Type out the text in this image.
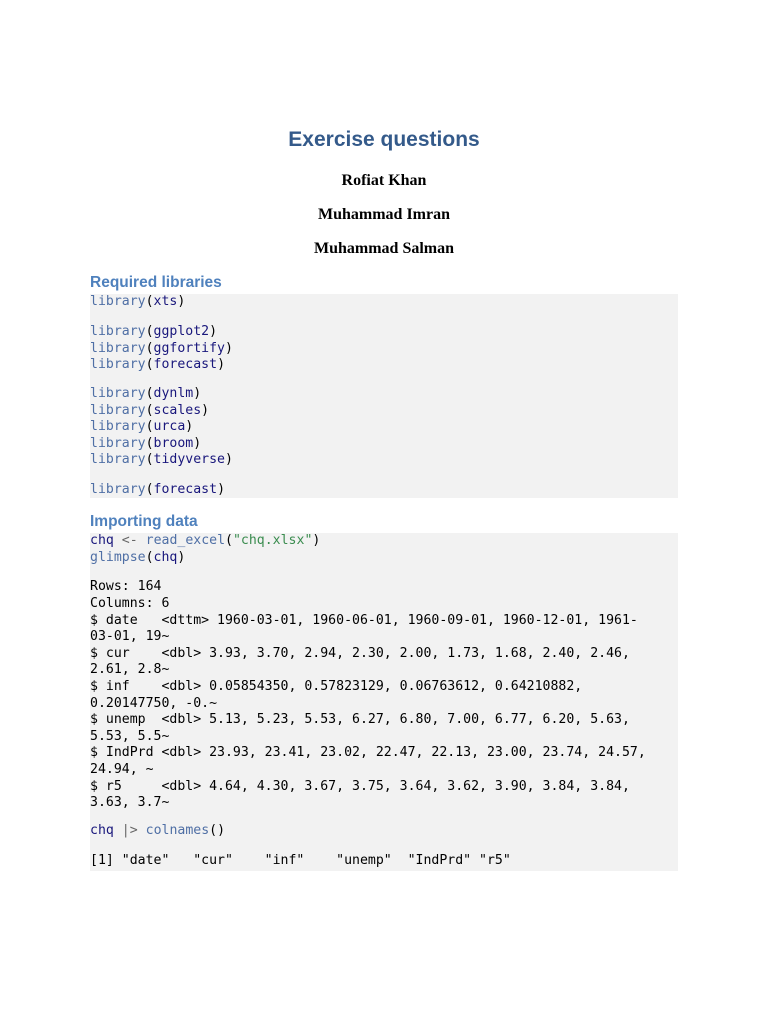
Exercise questions
Rofiat Khan
Muhammad Imran
Muhammad Salman
Required libraries
library(xts)
library(ggplot2)
library(ggfortify)
library(forecast)
library(dynlm)
library(scales)
library(urca)
library(broom)
library(tidyverse)
library(forecast)
Importing data
chq <- read_excel("chq.xlsx")
glimpse(chq)
Rows: 164
Columns: 6
$ date   <dttm> 1960-03-01, 1960-06-01, 1960-09-01, 1960-12-01, 1961-
03-01, 19~
$ cur    <dbl> 3.93, 3.70, 2.94, 2.30, 2.00, 1.73, 1.68, 2.40, 2.46,
2.61, 2.8~
$ inf    <dbl> 0.05854350, 0.57823129, 0.06763612, 0.64210882,
0.20147750, -0.~
$ unemp  <dbl> 5.13, 5.23, 5.53, 6.27, 6.80, 7.00, 6.77, 6.20, 5.63,
5.53, 5.5~
$ IndPrd <dbl> 23.93, 23.41, 23.02, 22.47, 22.13, 23.00, 23.74, 24.57,
24.94, ~
$ r5     <dbl> 4.64, 4.30, 3.67, 3.75, 3.64, 3.62, 3.90, 3.84, 3.84,
3.63, 3.7~
chq |> colnames()
[1] "date"   "cur"    "inf"    "unemp"  "IndPrd" "r5"
